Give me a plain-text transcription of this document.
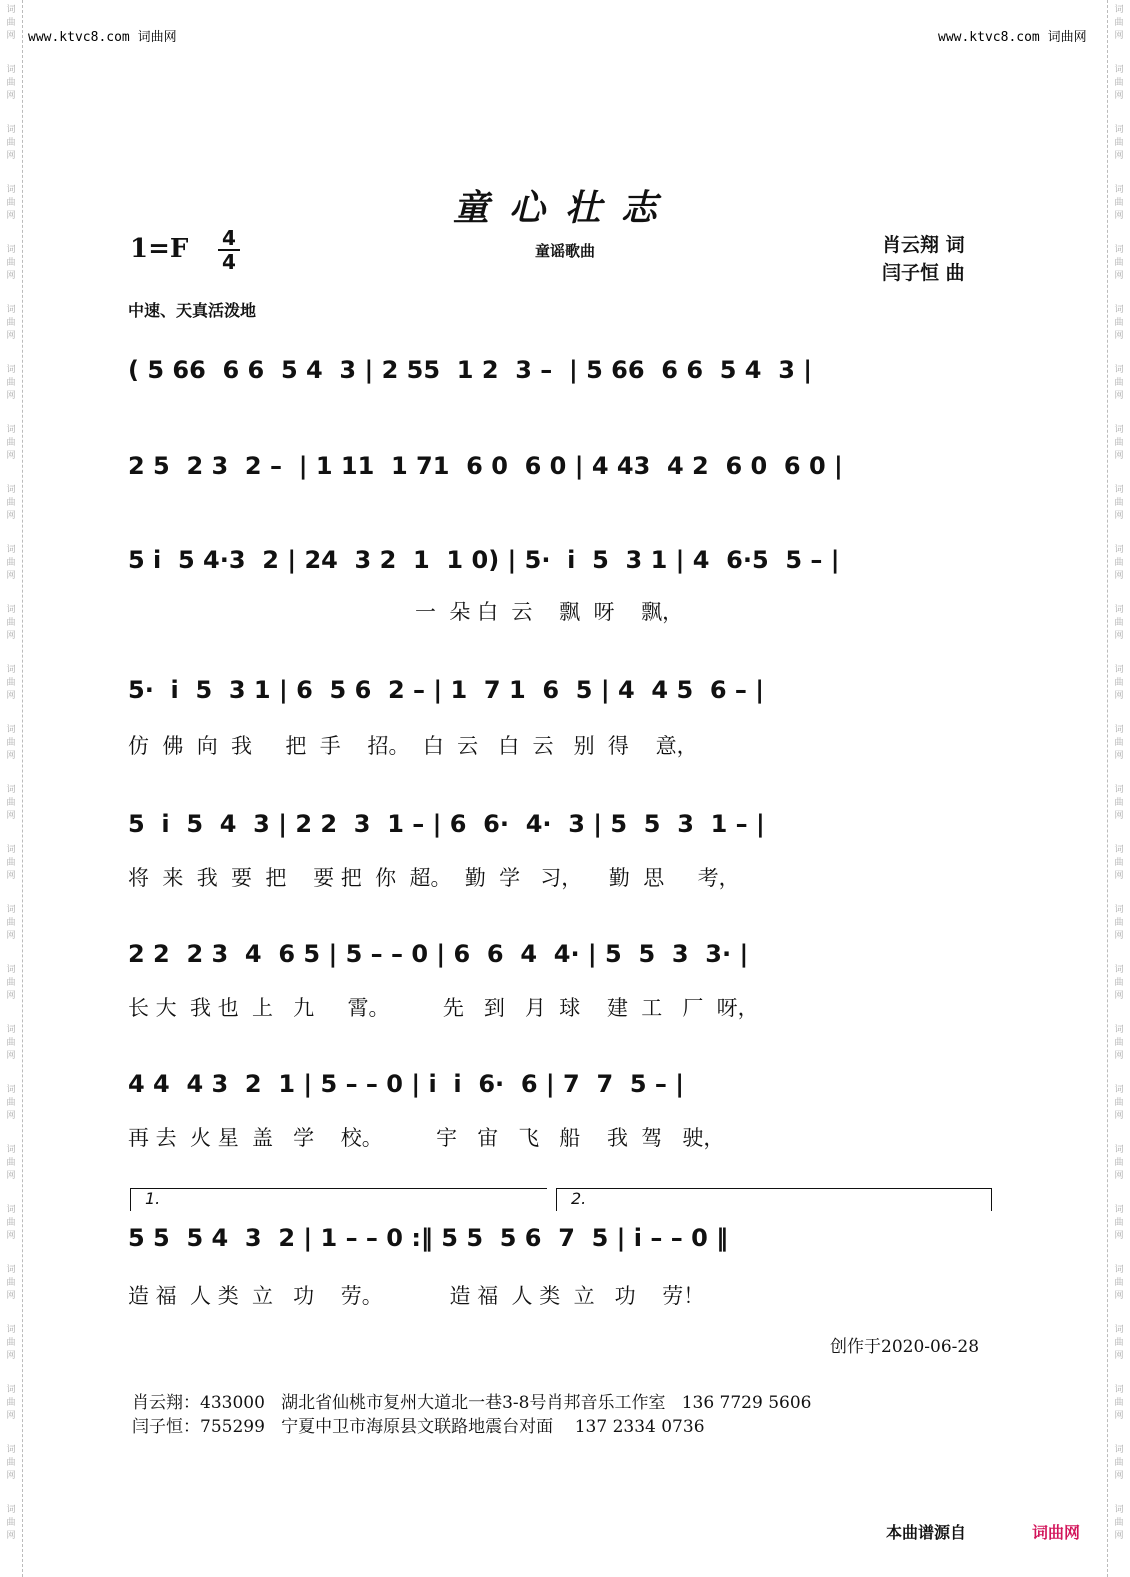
词
曲
网
词
曲
网
词
曲
网
词
曲
网
词
曲
网
词
曲
网
词
曲
网
词
曲
网
词
曲
网
词
曲
网
词
曲
网
词
曲
网
词
曲
网
词
曲
网
词
曲
网
词
曲
网
词
曲
网
词
曲
网
词
曲
网
词
曲
网
词
曲
网
词
曲
网
词
曲
网
词
曲
网
词
曲
网
词
曲
网
词
曲
网
词
曲
网
词
曲
网
词
曲
网
词
曲
网
词
曲
网
词
曲
网
词
曲
网
词
曲
网
词
曲
网
词
曲
网
词
曲
网
词
曲
网
词
曲
网
词
曲
网
词
曲
网
词
曲
网
词
曲
网
词
曲
网
词
曲
网
词
曲
网
词
曲
网
词
曲
网
词
曲
网
词
曲
网
词
曲
网
www.ktvc8.com 词曲网	www.ktvc8.com 词曲网
童心壮志
1=F 4
4	童谣歌曲	肖云翔 词
闫子恒 曲
中速、天真活泼地
( 5 66  6 6  5 4  3 | 2 55  1 2  3 –  | 5 66  6 6  5 4  3 |
2 5  2 3  2 –  | 1 11  1 71  6 0  6 0 | 4 43  4 2  6 0  6 0 |
5 i  5 4·3  2 | 24  3 2  1  1 0) | 5·  i  5  3 1 | 4  6·5  5 – |
一  朵 白  云    飘  呀    飘，
5·  i  5  3 1 | 6  5 6  2 – | 1  7 1  6  5 | 4  4 5  6 – |
仿  佛  向  我     把  手    招。  白  云   白  云   别  得    意，
5  i  5  4  3 | 2 2  3  1 – | 6  6·  4·  3 | 5  5  3  1 – |
将  来  我  要  把    要 把  你  超。  勤  学   习，    勤  思     考，
2 2  2 3  4  6 5 | 5 – – 0 | 6  6  4  4· | 5  5  3  3· |
长 大  我 也  上   九     霄。        先   到   月  球    建  工   厂  呀，
4 4  4 3  2  1 | 5 – – 0 | i  i  6·  6 | 7  7  5 – |
再 去  火 星  盖   学    校。        宇   宙   飞   船    我  驾   驶，
1.	2.
5 5  5 4  3  2 | 1 – – 0 :‖ 5 5  5 6  7  5 | i – – 0 ‖
造 福  人 类  立   功    劳。          造 福  人 类  立   功    劳！
创作于2020-06-28
肖云翔：433000   湖北省仙桃市复州大道北一巷3-8号肖邦音乐工作室   136 7729 5606
闫子恒：755299   宁夏中卫市海原县文联路地震台对面    137 2334 0736
本曲谱源自	词曲网
